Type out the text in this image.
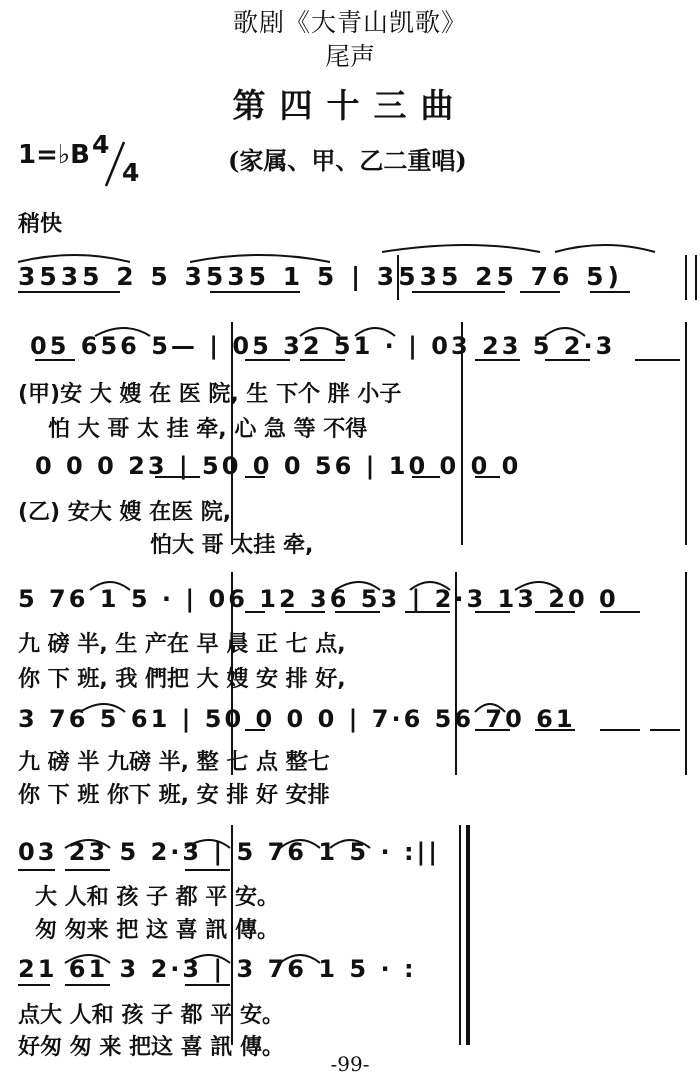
歌剧《大青山凯歌》
尾声
第四十三曲
1=♭B 4
4	(家属、甲、乙二重唱)
稍快
3535 2 5 3535 1 5 | 3535 25 76 5)
05 656 5— | 05 32 51 · | 03 23 5 2·3
(甲)安 大 嫂 在 医 院, 生 下个 胖 小子
怕 大 哥 太 挂 牵, 心 急 等 不得
0 0 0 23 | 50 0 0 56 | 10 0 0 0
(乙) 安大 嫂 在医 院,
怕大 哥 太挂 牵,
5 76 1 5 · | 06 12 36 53 | 2·3 13 20 0
九 磅 半, 生 产在 早 晨 正 七 点,
你 下 班, 我 們把 大 嫂 安 排 好,
3 76 5 61 | 50 0 0 0 | 7·6 56 70 61
九 磅 半 九磅 半, 整 七 点 整七
你 下 班 你下 班, 安 排 好 安排
03 23 5 2·3 | 5 76 1 5 · :||
大 人和 孩 子 都 平 安。
匆 匆来 把 这 喜 訊 傳。
21 61 3 2·3 | 3 76 1 5 · :
点大 人和 孩 子 都 平 安。
好匆 匆 来 把这 喜 訊 傳。
-99-
